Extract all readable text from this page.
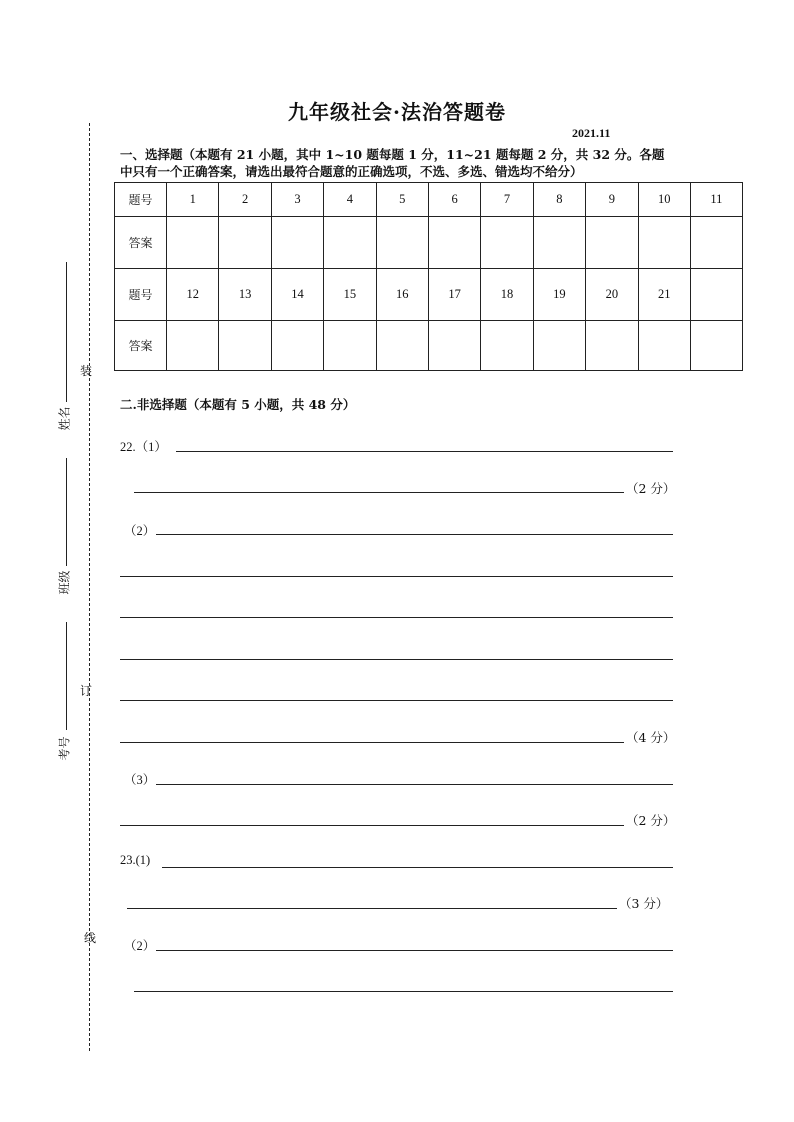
九年级社会·法治答题卷
2021.11
一、选择题（本题有 21 小题，其中 1~10 题每题 1 分，11~21 题每题 2 分，共 32 分。各题
中只有一个正确答案，请选出最符合题意的正确选项，不选、多选、错选均不给分）
题号	1	2	3	4	5	6	7	8	9	10	11
答案											
题号	12	13	14	15	16	17	18	19	20	21	
答案											
二.非选择题（本题有 5 小题，共 48 分）
22.（1）
（2 分）
（2）
（4 分）
（3）
（2 分）
23.(1)
（3 分）
（2）
装
订
线
姓名
班级
考号
